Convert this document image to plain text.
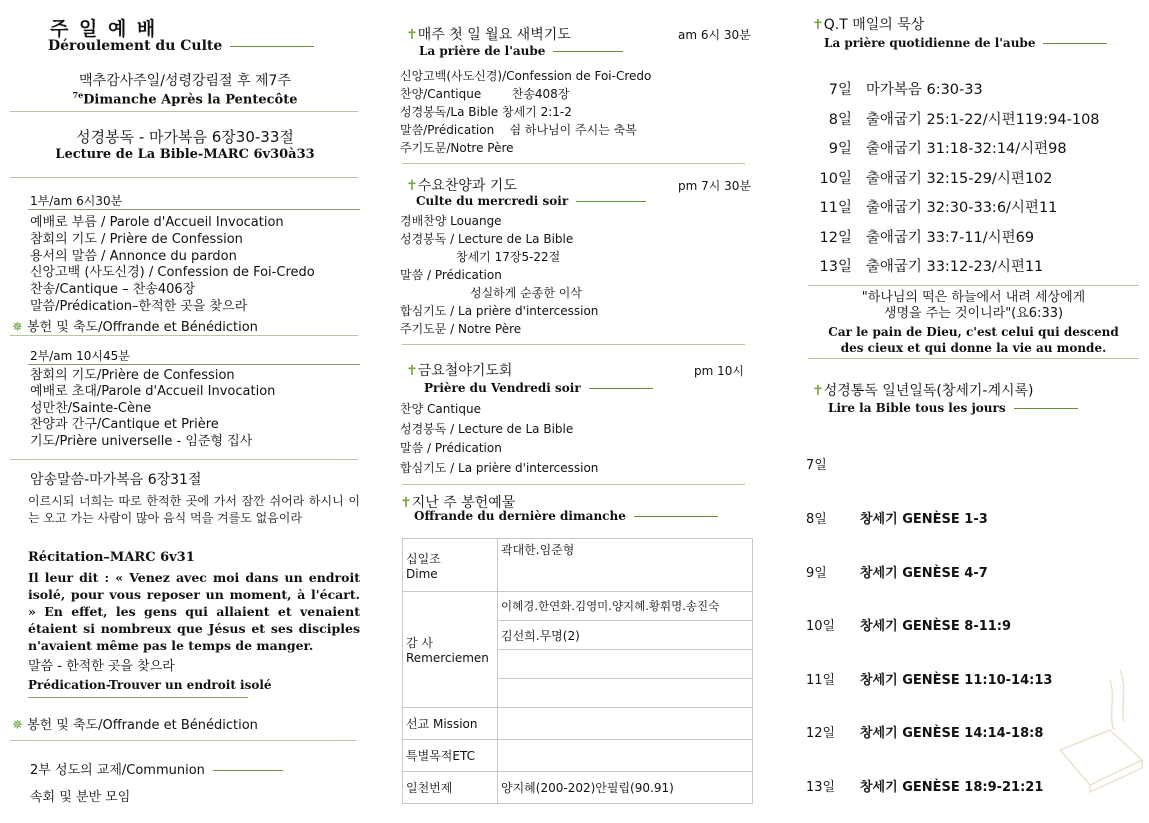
주 일 예 배
Déroulement du Culte
맥추감사주일/성령강림절 후 제7주
$^{7e}$Dimanche Après la Pentecôte
성경봉독 - 마가복음 6장30-33절
Lecture de La Bible-MARC 6v30à33
1부/am 6시30분
예배로 부름 / Parole d'Accueil Invocation
참회의 기도 / Prière de Confession
용서의 말씀 / Annonce du pardon
신앙고백 (사도신경) / Confession de Foi-Credo
찬송/Cantique – 찬송406장
말씀/Prédication–한적한 곳을 찾으라
✵ 봉헌 및 축도/Offrande et Bénédiction
2부/am 10시45분
참회의 기도/Prière de Confession
예배로 초대/Parole d'Accueil Invocation
성만찬/Sainte-Cène
찬양과 간구/Cantique et Prière
기도/Prière universelle - 임준형 집사
암송말씀-마가복음 6장31절
이르시되 너희는 따로 한적한 곳에 가서 잠깐 쉬어라 하시니 이는 오고 가는 사람이 많아 음식 먹을 겨를도 없음이라
Récitation–MARC 6v31
Il leur dit : « Venez avec moi dans un endroit isolé, pour vous reposer un moment, à l'écart. » En effet, les gens qui allaient et venaient étaient si nombreux que Jésus et ses disciples n'avaient même pas le temps de manger.
말씀 - 한적한 곳을 찾으라
Prédication-Trouver un endroit isolé
✵ 봉헌 및 축도/Offrande et Bénédiction
2부 성도의 교제/Communion
속회 및 분반 모임
✝매주 첫 일 월요 새벽기도	am 6시 30분
La prière de l'aube
신앙고백(사도신경)/Confession de Foi-Credo
찬양/Cantique        찬송408장
성경봉독/La Bible 창세기 2:1-2
말씀/Prédication    쉼 하나님이 주시는 축복
주기도문/Notre Père
✝수요찬양과 기도	pm 7시 30분
Culte du mercredi soir
경배찬양 Louange
성경봉독 / Lecture de La Bible
창세기 17장5-22절
말씀 / Prédication
성실하게 순종한 이삭
합심기도 / La prière d'intercession
주기도문 / Notre Père
✝금요철야기도회	pm 10시
Prière du Vendredi soir
찬양 Cantique
성경봉독 / Lecture de La Bible
말씀 / Prédication
합심기도 / La prière d'intercession
✝지난 주 봉헌예물
Offrande du dernière dimanche
십일조
Dime	곽대한.임준형

감 사
Remerciemen	이혜경.한연화.김영미.양지혜.황휘명.송진숙
	김선희.무명(2)

선교 Mission	
특별목적ETC	
일천번제	양지혜(200-202)안필립(90.91)
✝Q.T 매일의 묵상
La prière quotidienne de l'aube
7일 마가복음 6:30-33
8일 출애굽기 25:1-22/시편119:94-108
9일 출애굽기 31:18-32:14/시편98
10일 출애굽기 32:15-29/시편102
11일 출애굽기 32:30-33:6/시편11
12일 출애굽기 33:7-11/시편69
13일 출애굽기 33:12-23/시편11
"하나님의 떡은 하늘에서 내려 세상에게
생명을 주는 것이니라"(요6:33)
Car le pain de Dieu, c'est celui qui descend
des cieux et qui donne la vie au monde.
✝성경통독 일년일독(창세기-계시록)
Lire la Bible tous les jours
7일
8일	창세기 GENÈSE 1-3
9일	창세기 GENÈSE 4-7
10일 창세기 GENÈSE 8-11:9
11일 창세기 GENÈSE 11:10-14:13
12일 창세기 GENÈSE 14:14-18:8
13일 창세기 GENÈSE 18:9-21:21
